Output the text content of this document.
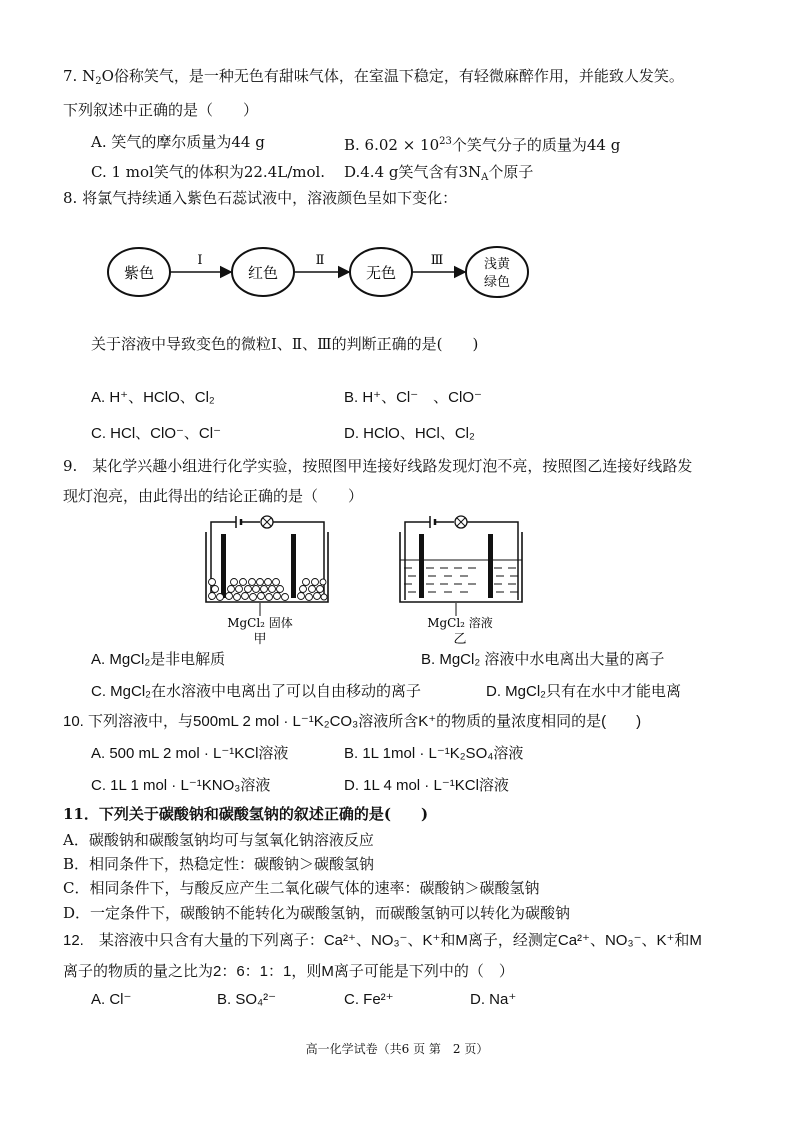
7. $N_2O$俗称笑气，是一种无色有甜味气体，在室温下稳定，有轻微麻醉作用，并能致人发笑。
下列叙述中正确的是（　　）
A. 笑气的摩尔质量为44 g	B. $6.02 \times 10^{23}$个笑气分子的质量为44 g
C. 1 mol笑气的体积为22.4L/mol. D.4.4 g笑气含有$3N_A$个原子
8. 将氯气持续通入紫色石蕊试液中，溶液颜色呈如下变化：
紫色
Ⅰ
红色
Ⅱ
无色
Ⅲ	浅黄
绿色
关于溶液中导致变色的微粒Ⅰ、Ⅱ、Ⅲ的判断正确的是(　　)
A. H⁺、HClO、Cl₂	B. H⁺、Cl⁻　、ClO⁻
C. HCl、ClO⁻、Cl⁻	D. HClO、HCl、Cl₂
9.　某化学兴趣小组进行化学实验，按照图甲连接好线路发现灯泡不亮，按照图乙连接好线路发
现灯泡亮，由此得出的结论正确的是（　　）
MgCl₂ 固体
甲
MgCl₂ 溶液
乙
A. MgCl₂是非电解质	B. MgCl₂ 溶液中水电离出大量的离子
C. MgCl₂在水溶液中电离出了可以自由移动的离子	D. MgCl₂只有在水中才能电离
10. 下列溶液中，与500mL 2 mol · L⁻¹K₂CO₃溶液所含K⁺的物质的量浓度相同的是(　　)
A. 500 mL 2 mol · L⁻¹KCl溶液	B. 1L 1mol · L⁻¹K₂SO₄溶液
C. 1L 1 mol · L⁻¹KNO₃溶液	D. 1L 4 mol · L⁻¹KCl溶液
11．下列关于碳酸钠和碳酸氢钠的叙述正确的是(　　)
A．碳酸钠和碳酸氢钠均可与氢氧化钠溶液反应
B．相同条件下，热稳定性：碳酸钠＞碳酸氢钠
C．相同条件下，与酸反应产生二氧化碳气体的速率：碳酸钠＞碳酸氢钠
D．一定条件下，碳酸钠不能转化为碳酸氢钠，而碳酸氢钠可以转化为碳酸钠
12.　某溶液中只含有大量的下列离子：Ca²⁺、NO₃⁻、K⁺和M离子，经测定Ca²⁺、NO₃⁻、K⁺和M
离子的物质的量之比为2：6：1：1，则M离子可能是下列中的（　）
A. Cl⁻	B. SO₄²⁻	C. Fe²⁺	D. Na⁺
高一化学试卷（共6 页 第　2 页）
